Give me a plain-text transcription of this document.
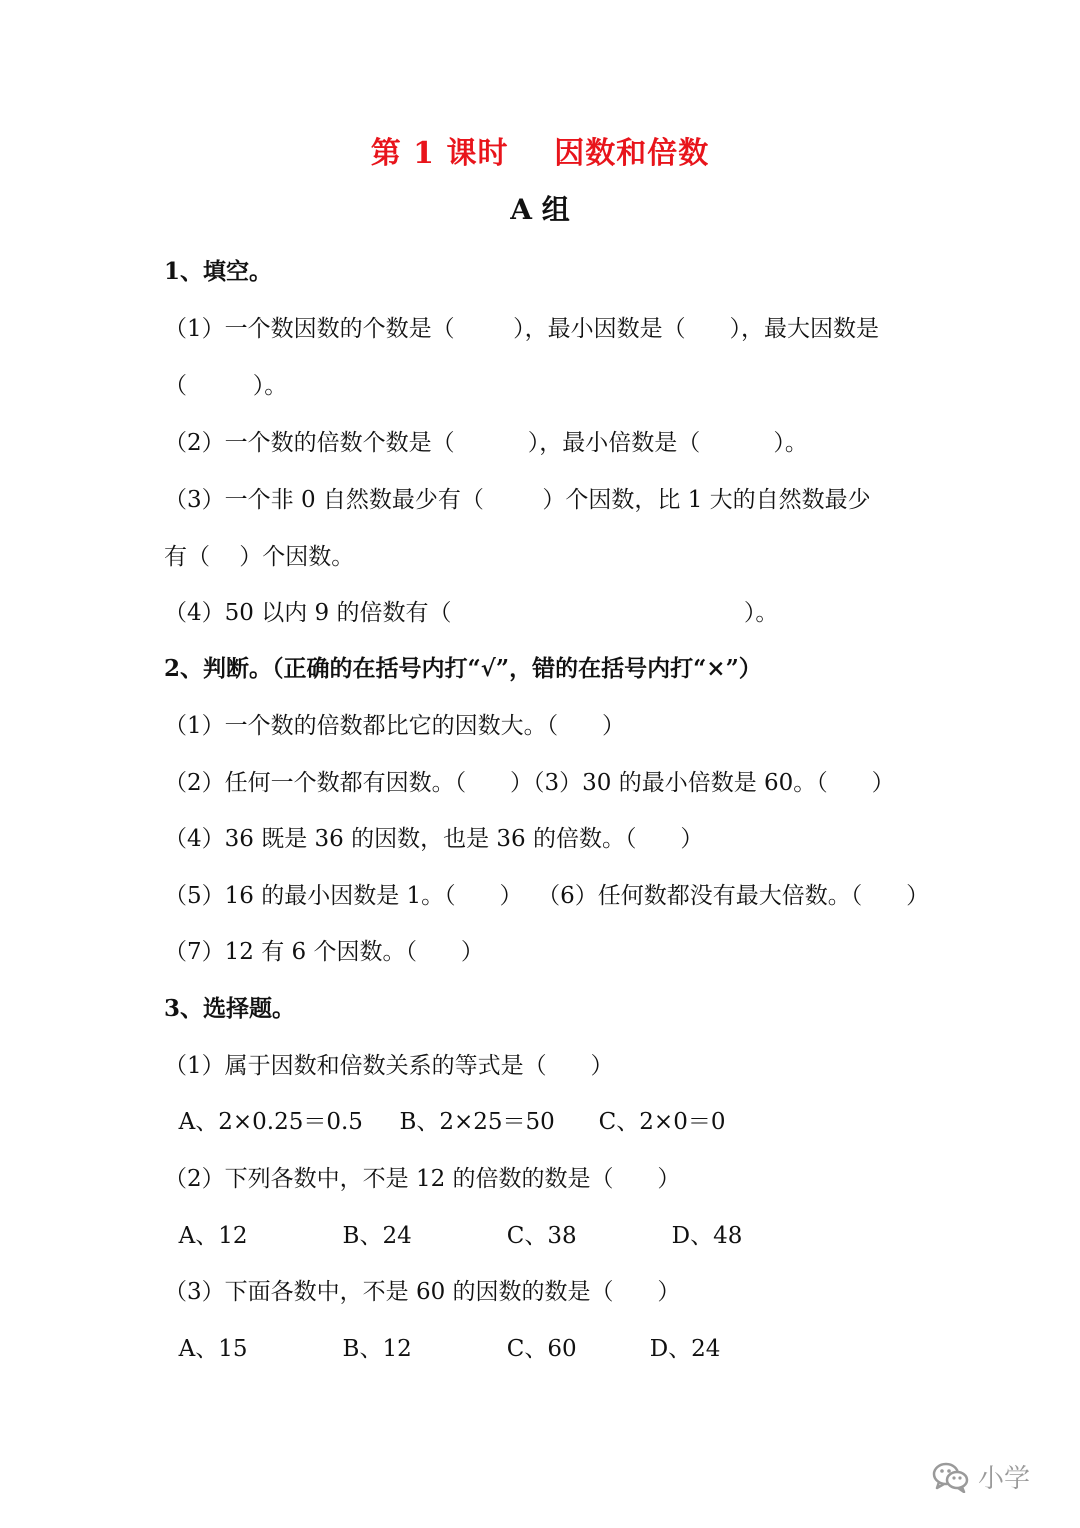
第 1 课时    因数和倍数
A 组
1、填空。
（1）一个数因数的个数是（        ），最小因数是（      ），最大因数是
（         ）。
（2）一个数的倍数个数是（          ），最小倍数是（          ）。
（3）一个非 0 自然数最少有（        ）个因数，比 1 大的自然数最少
有（    ）个因数。
（4）50 以内 9 的倍数有（                                        ）。
2、判断。（正确的在括号内打“√”，错的在括号内打“×”）
（1）一个数的倍数都比它的因数大。（      ）
（2）任何一个数都有因数。（      ）（3）30 的最小倍数是 60。（      ）
（4）36 既是 36 的因数，也是 36 的倍数。（      ）
（5）16 的最小因数是 1。（      ）  （6）任何数都没有最大倍数。（      ）
（7）12 有 6 个因数。（      ）
3、选择题。
（1）属于因数和倍数关系的等式是（      ）
A、2×0.25＝0.5     B、2×25＝50      C、2×0＝0
（2）下列各数中，不是 12 的倍数的数是（      ）
A、12             B、24             C、38             D、48
（3）下面各数中，不是 60 的因数的数是（      ）
A、15             B、12             C、60          D、24
小学
